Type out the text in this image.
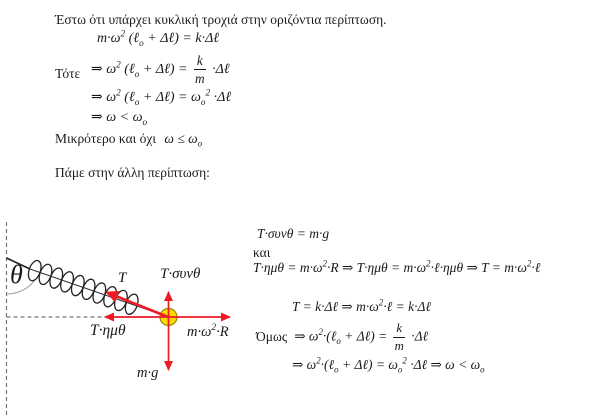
Έστω ότι υπάρχει κυκλική τροχιά στην οριζόντια περίπτωση.
$m\cdot\omega^2$ (ℓ$_o$ + Δℓ) = k·Δℓ
Τότε ⇒ $\omega^2$ (ℓ$_o$ + Δℓ) = $\frac{k}{m}$ ·Δℓ
⇒ $\omega^2$ (ℓ$_o$ + Δℓ) = $\omega_o^2$ ·Δℓ
⇒ $\omega < \omega_o$
Μικρότερο και όχι $\omega \le \omega_o$
Πάμε στην άλλη περίπτωση:
θ	T T·συνθ
T·ημθ	$m\cdot\omega^2\cdot R$
m·g
T·συνθ = m·g
και
$T\cdot\eta\mu\theta = m\cdot\omega^2\cdot R$ ⇒ $T\cdot\eta\mu\theta = m\cdot\omega^2\cdot\ell\cdot\eta\mu\theta$ ⇒ $T = m\cdot\omega^2\cdot\ell$
T = k·Δℓ ⇒ $m\cdot\omega^2\cdot\ell$ = k·Δℓ
Όμως ⇒ $\omega^2\cdot(\ell_o$ + Δℓ) = $\frac{k}{m}$ ·Δℓ
⇒ $\omega^2\cdot(\ell_o$ + Δℓ) = $\omega_o^2$ ·Δℓ ⇒ $\omega < \omega_o$
